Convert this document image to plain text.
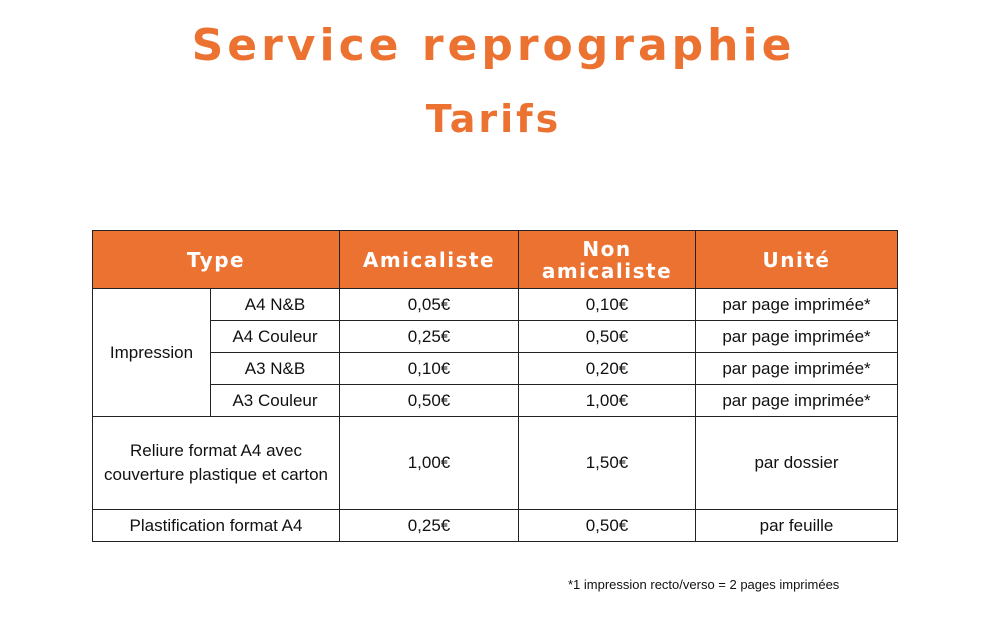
Service reprographie
Tarifs
Type		Amicaliste	Non amicaliste	Unité
Impression	A4 N&B	0,05€	0,10€	par page imprimée*
	A4 Couleur	0,25€	0,50€	par page imprimée*
	A3 N&B	0,10€	0,20€	par page imprimée*
	A3 Couleur	0,50€	1,00€	par page imprimée*
Reliure format A4 avec couverture plastique et carton		1,00€	1,50€	par dossier
Plastification format A4		0,25€	0,50€	par feuille
*1 impression recto/verso = 2 pages imprimées
